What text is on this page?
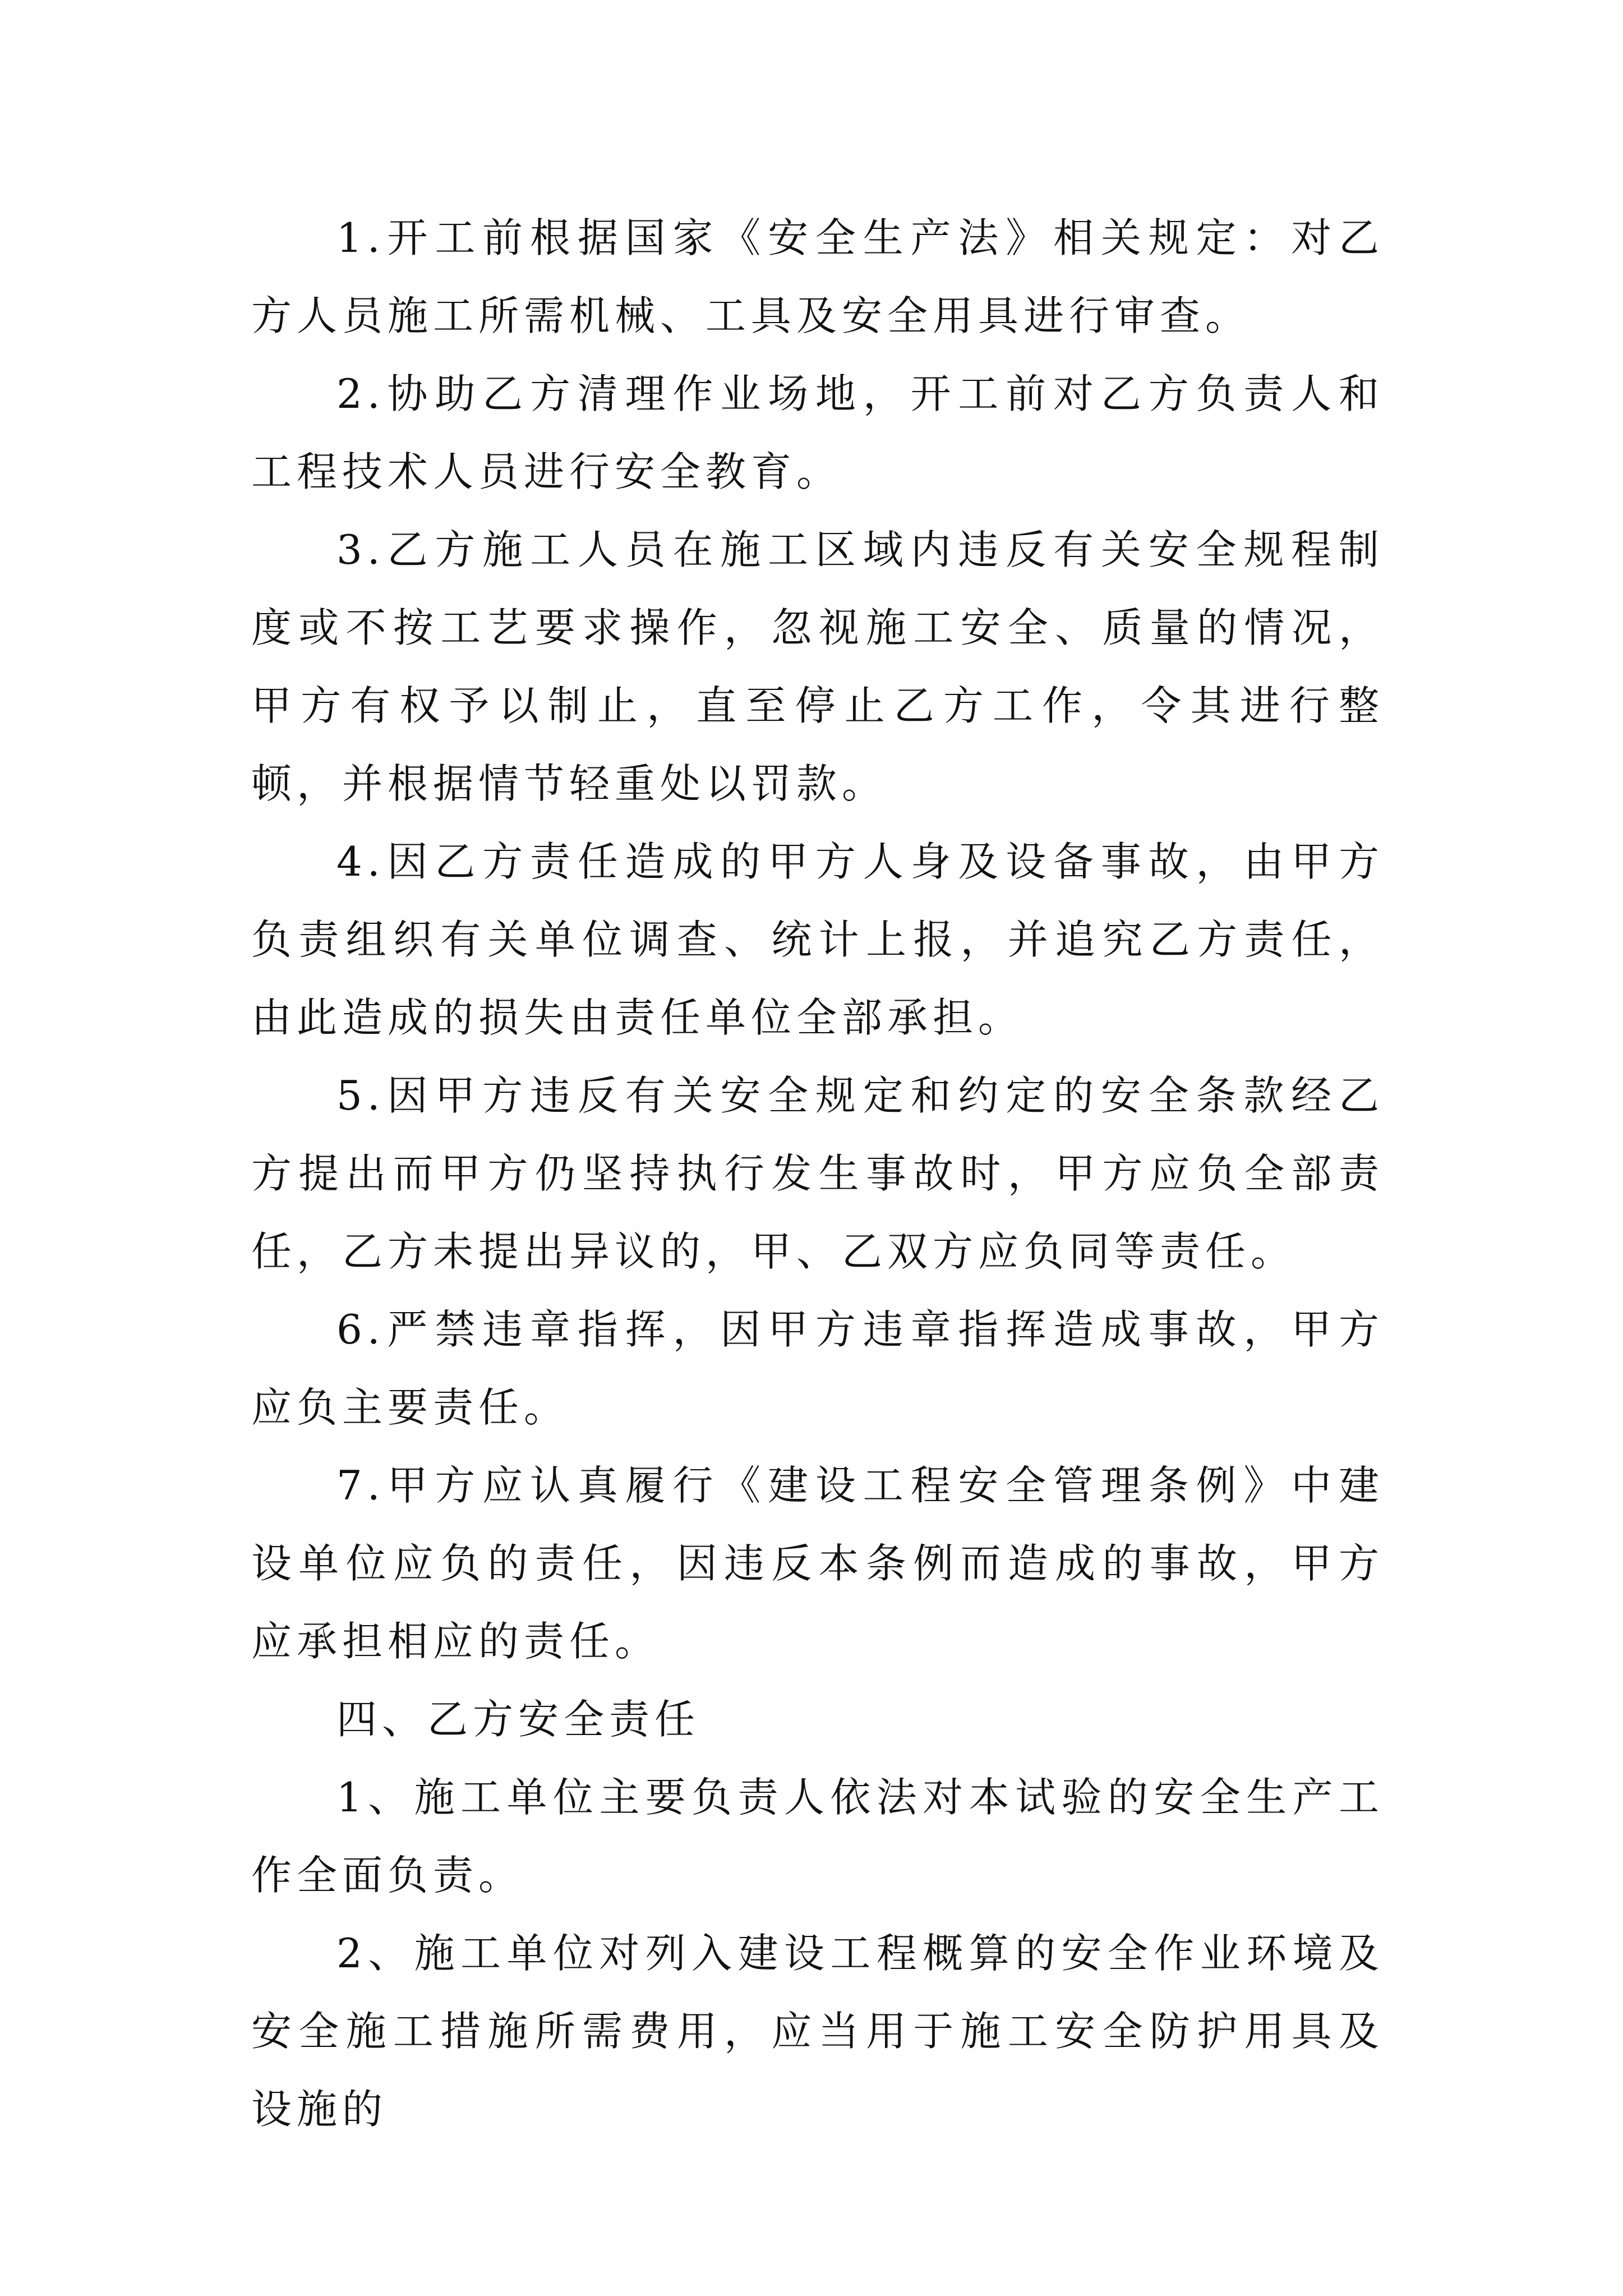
1.开工前根据国家《安全生产法》相关规定：对乙方人员施工所需机械、工具及安全用具进行审查。

2.协助乙方清理作业场地，开工前对乙方负责人和工程技术人员进行安全教育。

3.乙方施工人员在施工区域内违反有关安全规程制度或不按工艺要求操作，忽视施工安全、质量的情况，甲方有权予以制止，直至停止乙方工作，令其进行整顿，并根据情节轻重处以罚款。

4.因乙方责任造成的甲方人身及设备事故，由甲方负责组织有关单位调查、统计上报，并追究乙方责任，由此造成的损失由责任单位全部承担。

5.因甲方违反有关安全规定和约定的安全条款经乙方提出而甲方仍坚持执行发生事故时，甲方应负全部责任，乙方未提出异议的，甲、乙双方应负同等责任。

6.严禁违章指挥，因甲方违章指挥造成事故，甲方应负主要责任。

7.甲方应认真履行《建设工程安全管理条例》中建设单位应负的责任，因违反本条例而造成的事故，甲方应承担相应的责任。

四、乙方安全责任

1、施工单位主要负责人依法对本试验的安全生产工作全面负责。

2、施工单位对列入建设工程概算的安全作业环境及安全施工措施所需费用，应当用于施工安全防护用具及设施的
